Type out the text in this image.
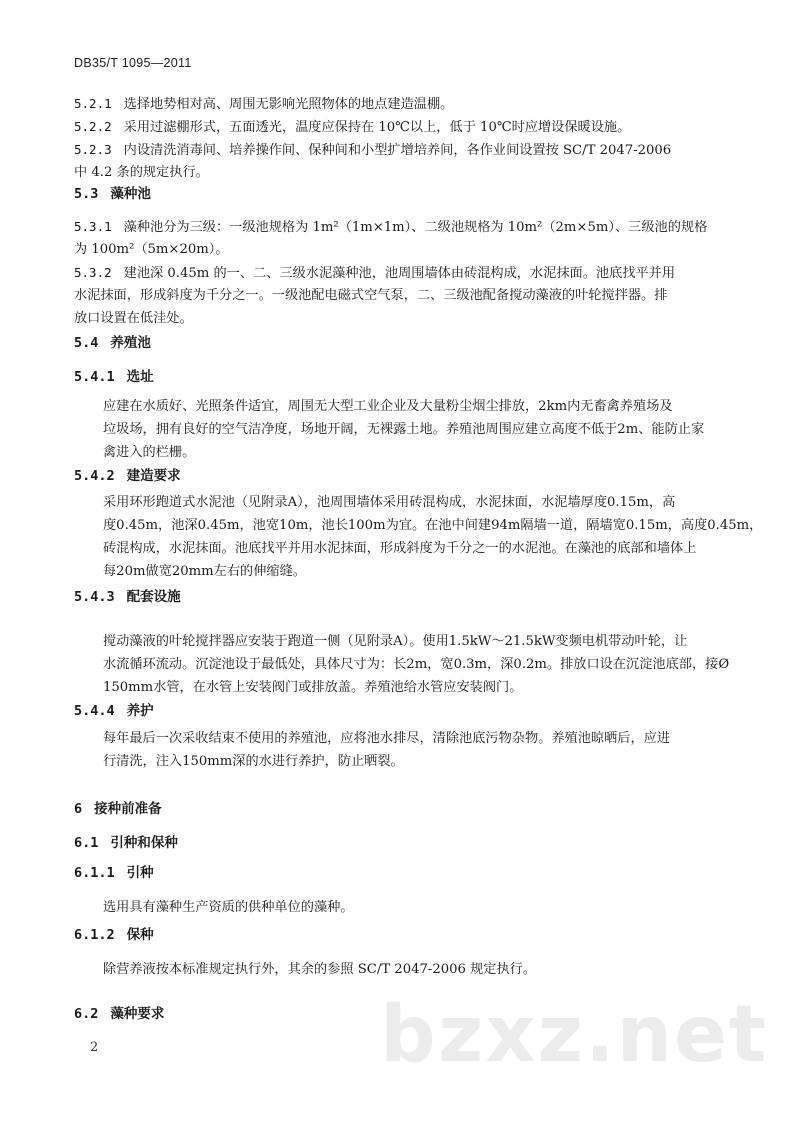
DB35/T 1095—2011
5.2.1 选择地势相对高、周围无影响光照物体的地点建造温棚。
5.2.2 采用过滤棚形式，五面透光，温度应保持在 10℃以上，低于 10℃时应增设保暖设施。
5.2.3 内设清洗消毒间、培养操作间、保种间和小型扩增培养间，各作业间设置按 SC/T 2047-2006
中 4.2 条的规定执行。
5.3 藻种池
5.3.1 藻种池分为三级：一级池规格为 1m²（1m×1m）、二级池规格为 10m²（2m×5m）、三级池的规格
为 100m²（5m×20m）。
5.3.2 建池深 0.45m 的一、二、三级水泥藻种池，池周围墙体由砖混构成，水泥抹面。池底找平并用
水泥抹面，形成斜度为千分之一。一级池配电磁式空气泵，二、三级池配备搅动藻液的叶轮搅拌器。排
放口设置在低洼处。
5.4 养殖池
5.4.1 选址
应建在水质好、光照条件适宜，周围无大型工业企业及大量粉尘烟尘排放，2km内无畜禽养殖场及
垃圾场，拥有良好的空气洁净度，场地开阔，无裸露土地。养殖池周围应建立高度不低于2m、能防止家
禽进入的栏栅。
5.4.2 建造要求
采用环形跑道式水泥池（见附录A），池周围墙体采用砖混构成，水泥抹面，水泥墙厚度0.15m，高
度0.45m，池深0.45m，池宽10m，池长100m为宜。在池中间建94m隔墙一道，隔墙宽0.15m，高度0.45m，
砖混构成，水泥抹面。池底找平并用水泥抹面，形成斜度为千分之一的水泥池。在藻池的底部和墙体上
每20m做宽20mm左右的伸缩缝。
5.4.3 配套设施
搅动藻液的叶轮搅拌器应安装于跑道一侧（见附录A）。使用1.5kW～21.5kW变频电机带动叶轮，让
水流循环流动。沉淀池设于最低处，具体尺寸为：长2m，宽0.3m，深0.2m。排放口设在沉淀池底部，接Ø
150mm水管，在水管上安装阀门或排放盖。养殖池给水管应安装阀门。
5.4.4 养护
每年最后一次采收结束不使用的养殖池，应将池水排尽，清除池底污物杂物。养殖池晾晒后，应进
行清洗，注入150mm深的水进行养护，防止晒裂。
6 接种前准备
6.1 引种和保种
6.1.1 引种
选用具有藻种生产资质的供种单位的藻种。
6.1.2 保种
除营养液按本标准规定执行外，其余的参照 SC/T 2047-2006 规定执行。
6.2 藻种要求	bzxz.net
2
